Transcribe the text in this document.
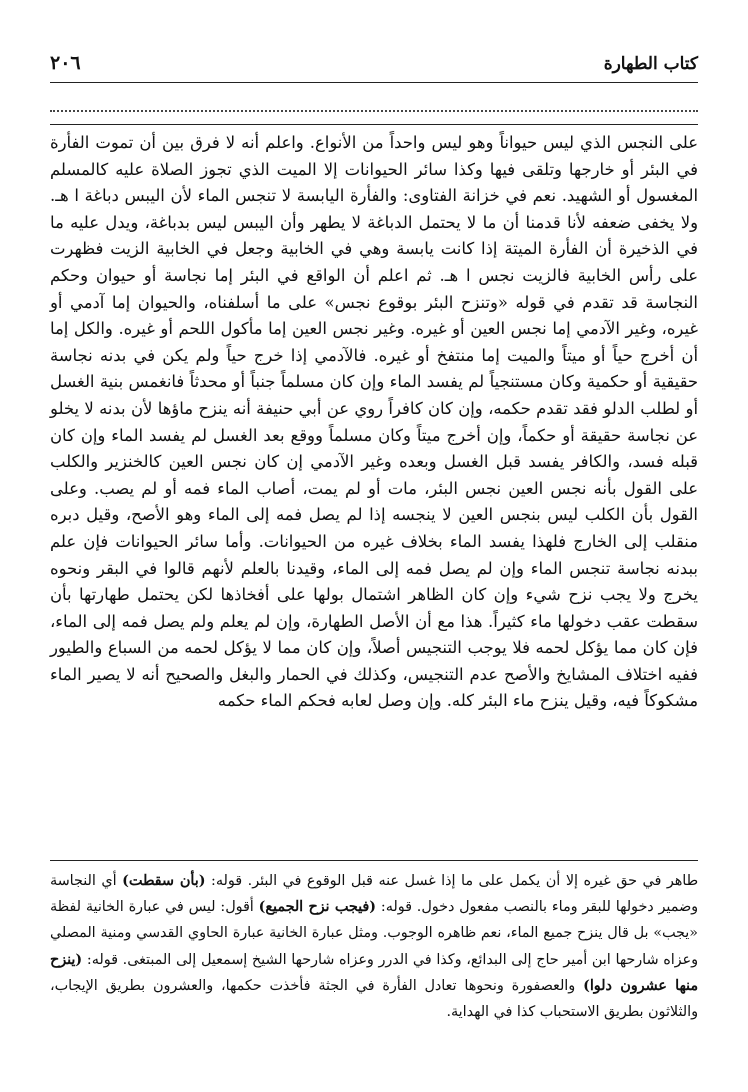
كتاب الطهارة
٢٠٦

على النجس الذي ليس حيواناً وهو ليس واحداً من الأنواع. واعلم أنه لا فرق بين أن تموت الفأرة في البئر أو خارجها وتلقى فيها وكذا سائر الحيوانات إلا الميت الذي تجوز الصلاة عليه كالمسلم المغسول أو الشهيد. نعم في خزانة الفتاوى: والفأرة اليابسة لا تنجس الماء لأن اليبس دباغة ا هـ. ولا يخفى ضعفه لأنا قدمنا أن ما لا يحتمل الدباغة لا يطهر وأن اليبس ليس بدباغة، ويدل عليه ما في الذخيرة أن الفأرة الميتة إذا كانت يابسة وهي في الخابية وجعل في الخابية الزيت فظهرت على رأس الخابية فالزيت نجس ا هـ. ثم اعلم أن الواقع في البئر إما نجاسة أو حيوان وحكم النجاسة قد تقدم في قوله «وتنزح البئر بوقوع نجس» على ما أسلفناه، والحيوان إما آدمي أو غيره، وغير الآدمي إما نجس العين أو غيره. وغير نجس العين إما مأكول اللحم أو غيره. والكل إما أن أخرج حياً أو ميتاً والميت إما منتفخ أو غيره. فالآدمي إذا خرج حياً ولم يكن في بدنه نجاسة حقيقية أو حكمية وكان مستنجياً لم يفسد الماء وإن كان مسلماً جنباً أو محدثاً فانغمس بنية الغسل أو لطلب الدلو فقد تقدم حكمه، وإن كان كافراً روي عن أبي حنيفة أنه ينزح ماؤها لأن بدنه لا يخلو عن نجاسة حقيقة أو حكماً، وإن أخرج ميتاً وكان مسلماً ووقع بعد الغسل لم يفسد الماء وإن كان قبله فسد، والكافر يفسد قبل الغسل وبعده وغير الآدمي إن كان نجس العين كالخنزير والكلب على القول بأنه نجس العين نجس البئر، مات أو لم يمت، أصاب الماء فمه أو لم يصب. وعلى القول بأن الكلب ليس بنجس العين لا ينجسه إذا لم يصل فمه إلى الماء وهو الأصح، وقيل دبره منقلب إلى الخارج فلهذا يفسد الماء بخلاف غيره من الحيوانات. وأما سائر الحيوانات فإن علم ببدنه نجاسة تنجس الماء وإن لم يصل فمه إلى الماء، وقيدنا بالعلم لأنهم قالوا في البقر ونحوه يخرج ولا يجب نزح شيء وإن كان الظاهر اشتمال بولها على أفخاذها لكن يحتمل طهارتها بأن سقطت عقب دخولها ماء كثيراً. هذا مع أن الأصل الطهارة، وإن لم يعلم ولم يصل فمه إلى الماء، فإن كان مما يؤكل لحمه فلا يوجب التنجيس أصلاً، وإن كان مما لا يؤكل لحمه من السباع والطيور ففيه اختلاف المشايخ والأصح عدم التنجيس، وكذلك في الحمار والبغل والصحيح أنه لا يصير الماء مشكوكاً فيه، وقيل ينزح ماء البئر كله. وإن وصل لعابه فحكم الماء حكمه

طاهر في حق غيره إلا أن يكمل على ما إذا غسل عنه قبل الوقوع في البئر. قوله: (بأن سقطت) أي النجاسة وضمير دخولها للبقر وماء بالنصب مفعول دخول. قوله: (فيجب نزح الجميع) أقول: ليس في عبارة الخانية لفظة «يجب» بل قال ينزح جميع الماء، نعم ظاهره الوجوب. ومثل عبارة الخانية عبارة الحاوي القدسي ومنية المصلي وعزاه شارحها ابن أمير حاج إلى البدائع، وكذا في الدرر وعزاه شارحها الشيخ إسمعيل إلى المبتغى. قوله: (ينزح منها عشرون دلوا) والعصفورة ونحوها تعادل الفأرة في الجثة فأخذت حكمها، والعشرون بطريق الإيجاب، والثلاثون بطريق الاستحباب كذا في الهداية.
